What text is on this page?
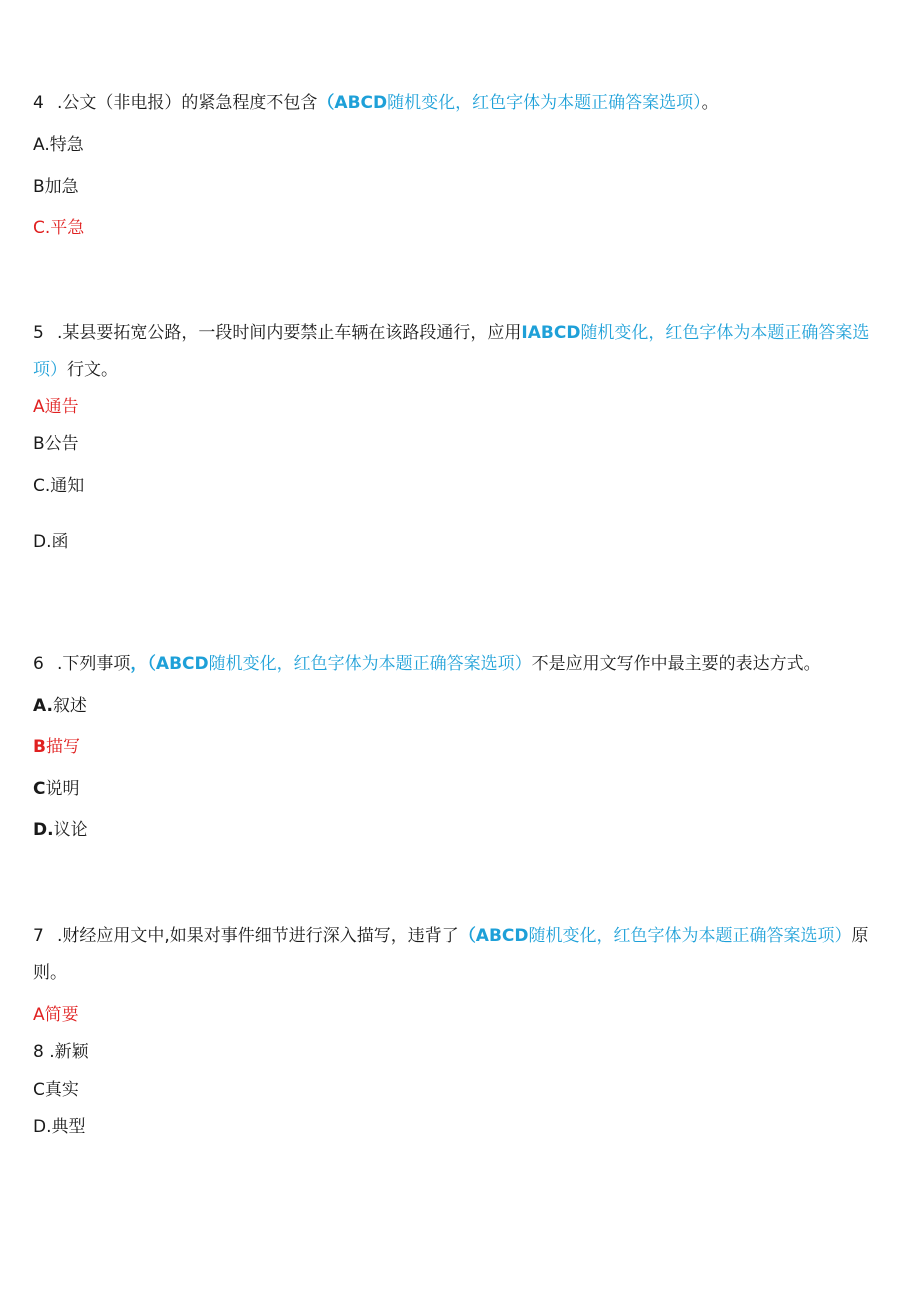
4 .公文（非电报）的紧急程度不包含（ABCD随机变化，红色字体为本题正确答案选项）。
A.特急
B加急
C.平急
5 .某县要拓宽公路，一段时间内要禁止车辆在该路段通行，应用IABCD随机变化，红色字体为本题正确答案选
项）行文。
A通告
B公告
C.通知
D.函
6 .下列事项，（ABCD随机变化，红色字体为本题正确答案选项）不是应用文写作中最主要的表达方式。
A.叙述
B描写
C说明
D.议论
7 .财经应用文中,如果对事件细节进行深入描写，违背了（ABCD随机变化，红色字体为本题正确答案选项）原
则。
A简要
8 .新颖
C真实
D.典型
